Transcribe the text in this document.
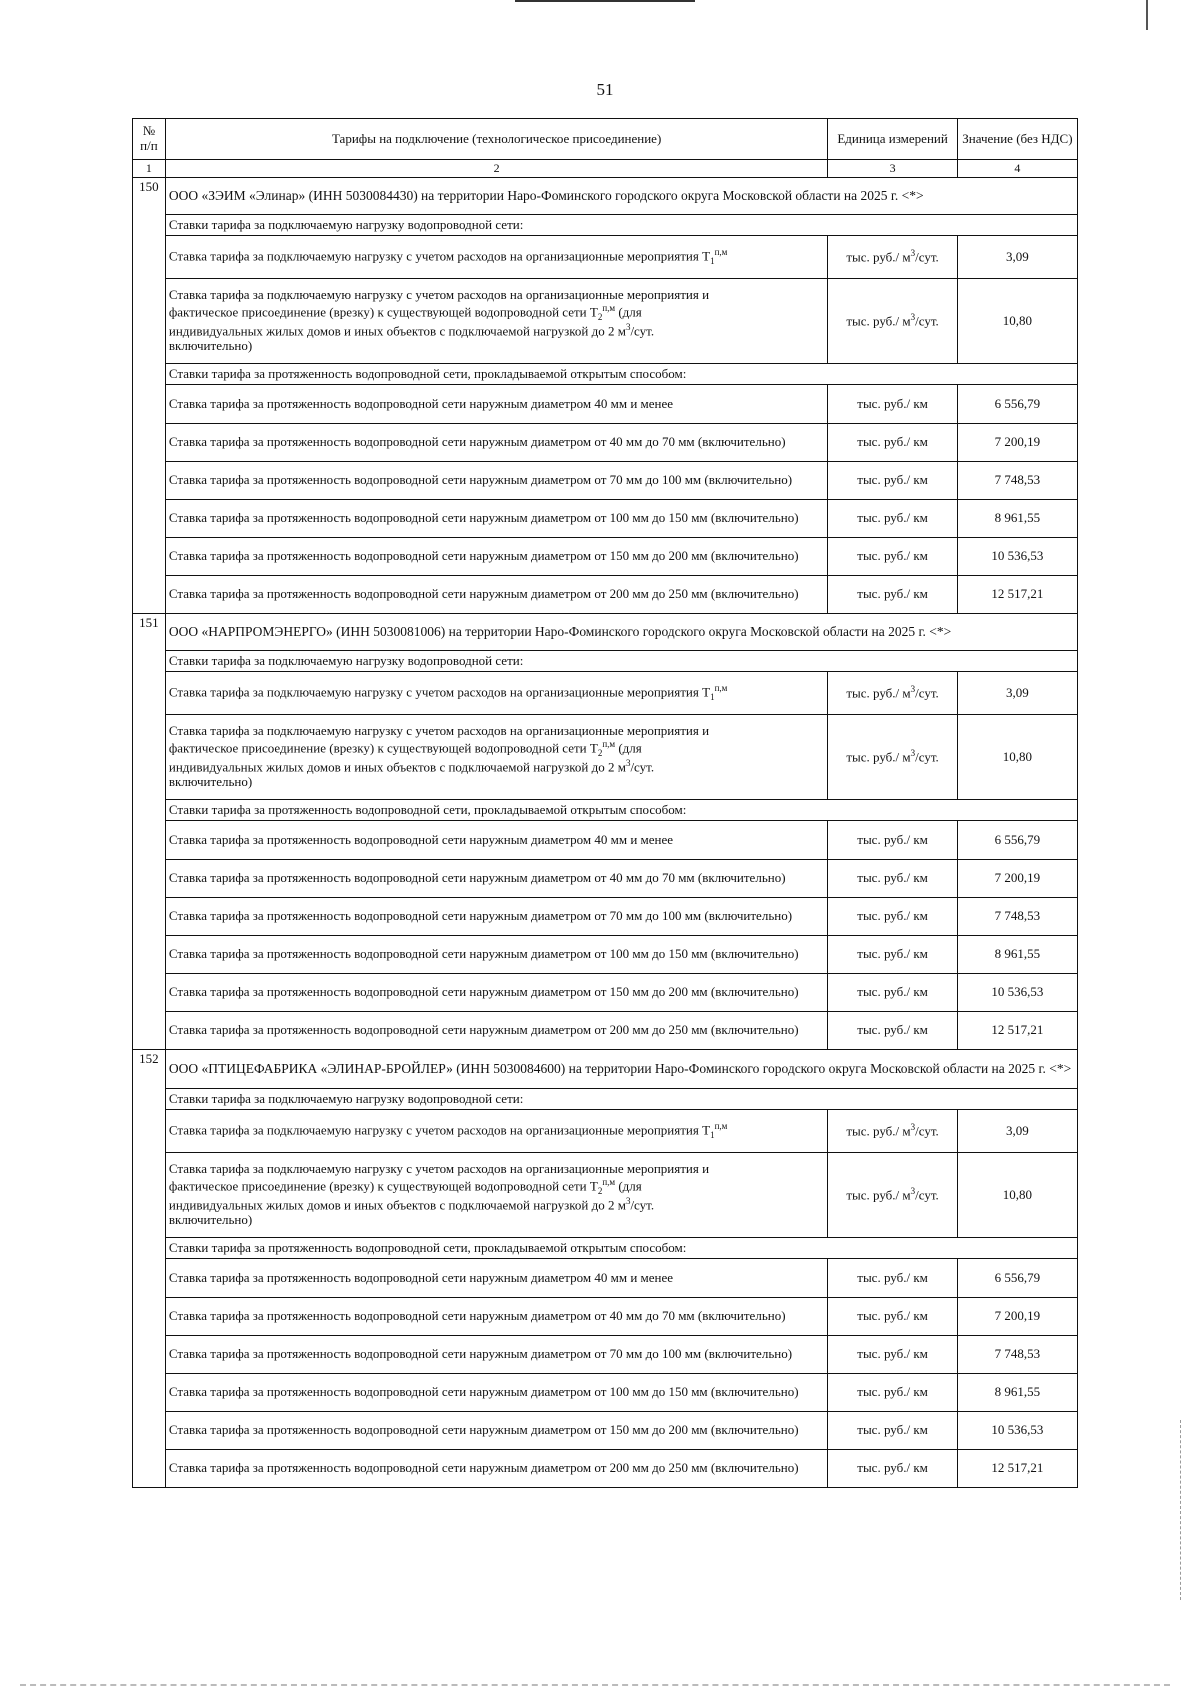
51
№ п/п	Тарифы на подключение (технологическое присоединение)	Единица измерений	Значение (без НДС)
1	2	3	4
150	ООО «ЗЭИМ «Элинар» (ИНН 5030084430) на территории Наро-Фоминского городского округа Московской области на 2025 г. <*>		
	Ставки тарифа за подключаемую нагрузку водопроводной сети:		
	Ставка тарифа за подключаемую нагрузку с учетом расходов на организационные мероприятия $T_1^{п,м}$	тыс. руб./ $м^3$/сут.	3,09

	Ставка тарифа за подключаемую нагрузку с учетом расходов на организационные мероприятия и
фактическое присоединение (врезку) к существующей водопроводной сети $T_2^{п,м}$ (для
индивидуальных жилых домов и иных объектов с подключаемой нагрузкой до 2 $м^3$/сут.
включительно)	тыс. руб./ $м^3$/сут.	10,80
	Ставки тарифа за протяженность водопроводной сети, прокладываемой открытым способом:		
	Ставка тарифа за протяженность водопроводной сети наружным диаметром 40 мм и менее	тыс. руб./ км	6 556,79
	Ставка тарифа за протяженность водопроводной сети наружным диаметром от 40 мм до 70 мм (включительно)	тыс. руб./ км	7 200,19
	Ставка тарифа за протяженность водопроводной сети наружным диаметром от 70 мм до 100 мм (включительно)	тыс. руб./ км	7 748,53
	Ставка тарифа за протяженность водопроводной сети наружным диаметром от 100 мм до 150 мм (включительно)	тыс. руб./ км	8 961,55
	Ставка тарифа за протяженность водопроводной сети наружным диаметром от 150 мм до 200 мм (включительно)	тыс. руб./ км	10 536,53
	Ставка тарифа за протяженность водопроводной сети наружным диаметром от 200 мм до 250 мм (включительно)	тыс. руб./ км	12 517,21
151	ООО «НАРПРОМЭНЕРГО» (ИНН 5030081006) на территории Наро-Фоминского городского округа Московской области на 2025 г. <*>		
	Ставки тарифа за подключаемую нагрузку водопроводной сети:		
	Ставка тарифа за подключаемую нагрузку с учетом расходов на организационные мероприятия $T_1^{п,м}$	тыс. руб./ $м^3$/сут.	3,09

	Ставка тарифа за подключаемую нагрузку с учетом расходов на организационные мероприятия и
фактическое присоединение (врезку) к существующей водопроводной сети $T_2^{п,м}$ (для
индивидуальных жилых домов и иных объектов с подключаемой нагрузкой до 2 $м^3$/сут.
включительно)	тыс. руб./ $м^3$/сут.	10,80
	Ставки тарифа за протяженность водопроводной сети, прокладываемой открытым способом:		
	Ставка тарифа за протяженность водопроводной сети наружным диаметром 40 мм и менее	тыс. руб./ км	6 556,79
	Ставка тарифа за протяженность водопроводной сети наружным диаметром от 40 мм до 70 мм (включительно)	тыс. руб./ км	7 200,19
	Ставка тарифа за протяженность водопроводной сети наружным диаметром от 70 мм до 100 мм (включительно)	тыс. руб./ км	7 748,53
	Ставка тарифа за протяженность водопроводной сети наружным диаметром от 100 мм до 150 мм (включительно)	тыс. руб./ км	8 961,55
	Ставка тарифа за протяженность водопроводной сети наружным диаметром от 150 мм до 200 мм (включительно)	тыс. руб./ км	10 536,53
	Ставка тарифа за протяженность водопроводной сети наружным диаметром от 200 мм до 250 мм (включительно)	тыс. руб./ км	12 517,21
152	ООО «ПТИЦЕФАБРИКА «ЭЛИНАР-БРОЙЛЕР» (ИНН 5030084600) на территории Наро-Фоминского городского округа Московской области на 2025 г. <*>		
	Ставки тарифа за подключаемую нагрузку водопроводной сети:		
	Ставка тарифа за подключаемую нагрузку с учетом расходов на организационные мероприятия $T_1^{п,м}$	тыс. руб./ $м^3$/сут.	3,09

	Ставка тарифа за подключаемую нагрузку с учетом расходов на организационные мероприятия и
фактическое присоединение (врезку) к существующей водопроводной сети $T_2^{п,м}$ (для
индивидуальных жилых домов и иных объектов с подключаемой нагрузкой до 2 $м^3$/сут.
включительно)	тыс. руб./ $м^3$/сут.	10,80
	Ставки тарифа за протяженность водопроводной сети, прокладываемой открытым способом:		
	Ставка тарифа за протяженность водопроводной сети наружным диаметром 40 мм и менее	тыс. руб./ км	6 556,79
	Ставка тарифа за протяженность водопроводной сети наружным диаметром от 40 мм до 70 мм (включительно)	тыс. руб./ км	7 200,19
	Ставка тарифа за протяженность водопроводной сети наружным диаметром от 70 мм до 100 мм (включительно)	тыс. руб./ км	7 748,53
	Ставка тарифа за протяженность водопроводной сети наружным диаметром от 100 мм до 150 мм (включительно)	тыс. руб./ км	8 961,55
	Ставка тарифа за протяженность водопроводной сети наружным диаметром от 150 мм до 200 мм (включительно)	тыс. руб./ км	10 536,53
	Ставка тарифа за протяженность водопроводной сети наружным диаметром от 200 мм до 250 мм (включительно)	тыс. руб./ км	12 517,21
